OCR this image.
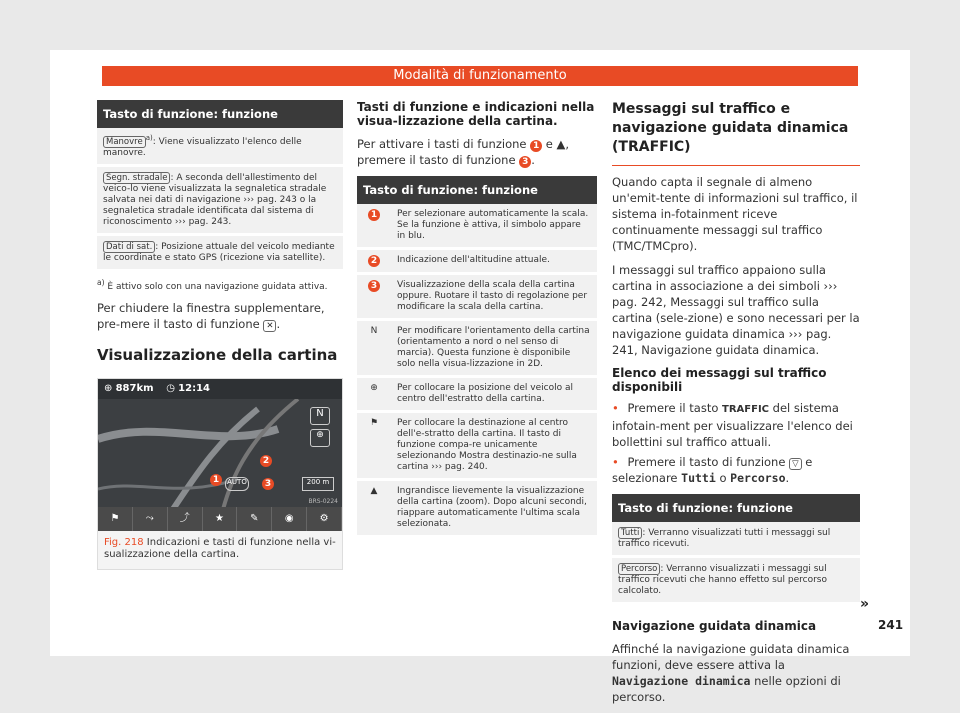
Modalità di funzionamento
Tasto di funzione: funzione
Manovre $^{a)}$: Viene visualizzato l'elenco delle manovre.
Segn. stradale : A seconda dell'allestimento del veico-lo viene visualizzata la segnaletica stradale salvata nei dati di navigazione ››› pag. 243 o la segnaletica stradale identificata dal sistema di riconoscimento ››› pag. 243.
Dati di sat. : Posizione attuale del veicolo mediante le coordinate e stato GPS (ricezione via satellite).
$^{a)}$ È attivo solo con una navigazione guidata attiva.
Per chiudere la finestra supplementare, pre-mere il tasto di funzione ✕ .
Visualizzazione della cartina
⊕ 887km ◷ 12:14
N
⊕
AUTO	200 m
1
2
3
BRS-0224
⚑	⤳	⤴	★	✎	◉	⚙
Fig. 218 Indicazioni e tasti di funzione nella vi-sualizzazione della cartina.
Tasti di funzione e indicazioni nella visua-lizzazione della cartina.
Per attivare i tasti di funzione 1 e ▲, premere il tasto di funzione 3 .
Tasto di funzione: funzione	
1	Per selezionare automaticamente la scala. Se la funzione è attiva, il simbolo appare in blu.
2	Indicazione dell'altitudine attuale.
3	Visualizzazione della scala della cartina oppure. Ruotare il tasto di regolazione per modificare la scala della cartina.
N	Per modificare l'orientamento della cartina (orientamento a nord o nel senso di marcia). Questa funzione è disponibile solo nella visua-lizzazione in 2D.
⊕	Per collocare la posizione del veicolo al centro dell'estratto della cartina.
⚑	Per collocare la destinazione al centro dell'e-stratto della cartina. Il tasto di funzione compa-re unicamente selezionando Mostra destinazio-ne sulla cartina ››› pag. 240.
▲	Ingrandisce lievemente la visualizzazione della cartina (zoom). Dopo alcuni secondi, riappare automaticamente l'ultima scala selezionata.
Messaggi sul traffico e navigazione guidata dinamica (TRAFFIC)
Quando capta il segnale di almeno un'emit-tente di informazioni sul traffico, il sistema in-fotainment riceve continuamente messaggi sul traffico (TMC/TMCpro).
I messaggi sul traffico appaiono sulla cartina in associazione a dei simboli ››› pag. 242, Messaggi sul traffico sulla cartina (sele-zione) e sono necessari per la navigazione guidata dinamica ››› pag. 241, Navigazione guidata dinamica.
Elenco dei messaggi sul traffico disponibili
• Premere il tasto TRAFFIC del sistema infotain-ment per visualizzare l'elenco dei bollettini sul traffico attuali.
• Premere il tasto di funzione ▽ e selezionare Tutti o Percorso.
Tasto di funzione: funzione
Tutti : Verranno visualizzati tutti i messaggi sul traffico ricevuti.
Percorso : Verranno visualizzati i messaggi sul traffico ricevuti che hanno effetto sul percorso calcolato.
Navigazione guidata dinamica
Affinché la navigazione guidata dinamica funzioni, deve essere attiva la Navigazione dinamica nelle opzioni di percorso.
»
241
